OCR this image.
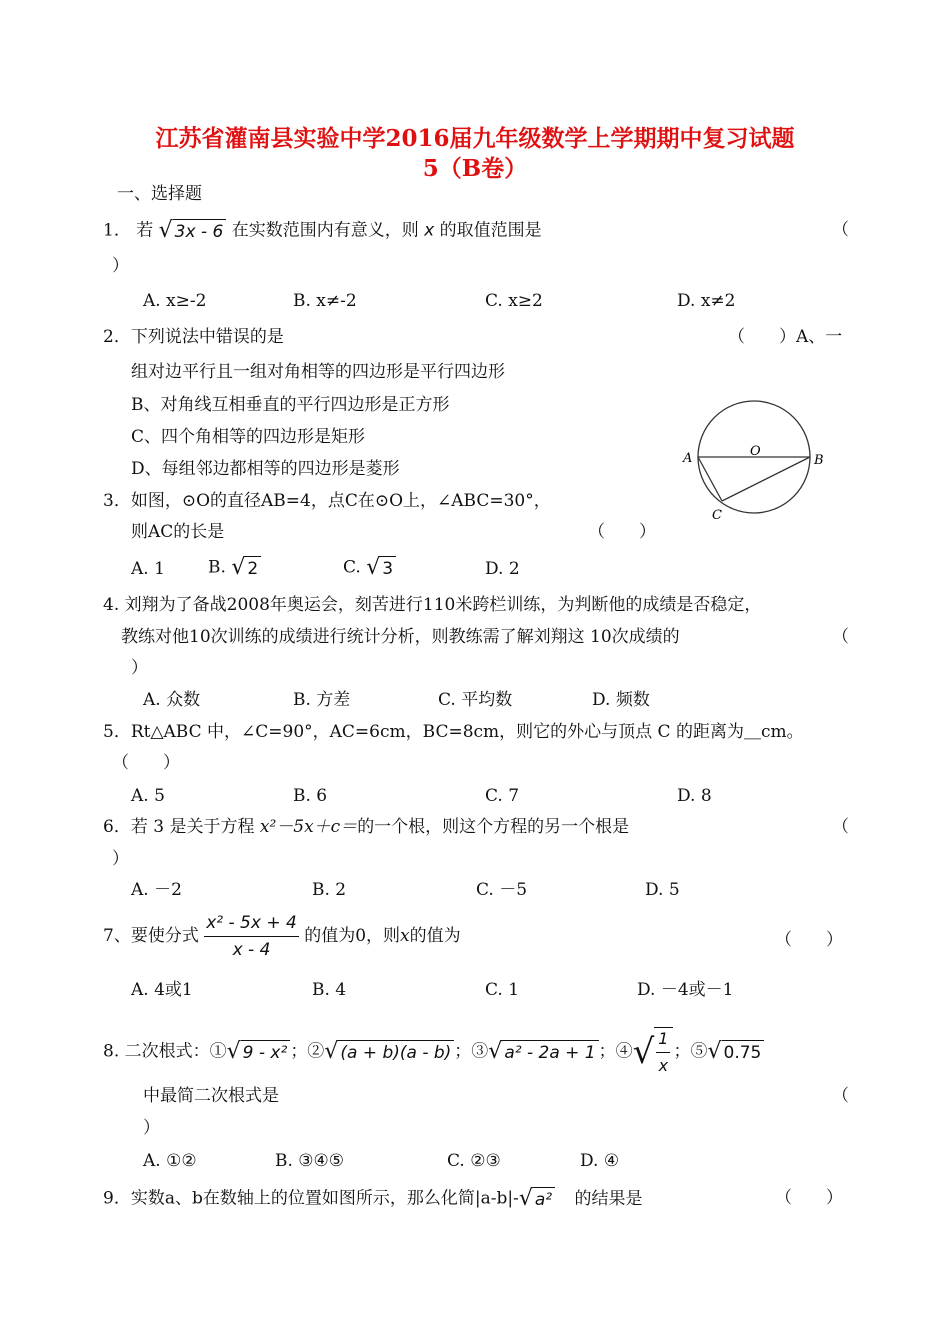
江苏省灌南县实验中学2016届九年级数学上学期期中复习试题
5（B卷）
一、选择题
1． 若 √ 3x - 6 在实数范围内有意义，则 x 的取值范围是	（
）
A. x≥-2	B. x≠-2	C. x≥2	D. x≠2
2．下列说法中错误的是	（　　）A、一
组对边平行且一组对角相等的四边形是平行四边形
B、对角线互相垂直的平行四边形是正方形
C、四个角相等的四边形是矩形
D、每组邻边都相等的四边形是菱形
A	B
C
O
3．如图，⊙O的直径AB=4，点C在⊙O上，∠ABC=30°，
则AC的长是	（　　）
A. 1	B. √ 2	C. √ 3	D. 2
4. 刘翔为了备战2008年奥运会，刻苦进行110米跨栏训练，为判断他的成绩是否稳定，
教练对他10次训练的成绩进行统计分析，则教练需了解刘翔这 10次成绩的	（
）
A. 众数	B. 方差	C. 平均数	D. 频数
5．Rt△ABC 中，∠C=90°，AC=6cm，BC=8cm，则它的外心与顶点 C 的距离为＿cm。
（　　）
A. 5	B. 6	C. 7	D. 8
6．若 3 是关于方程 x²－5x＋c＝的一个根，则这个方程的另一个根是	（
）
A. －2	B. 2	C. －5	D. 5
7、要使分式 $\frac{\text{x² - 5x + 4}}{x - 4}$ 的值为0，则x的值为	（　　）
A. 4或1	B. 4	C. 1	D. －4或－1
8. 二次根式：①√ 9 - x² ；②√ (a + b)(a - b) ；③√ a² - 2a + 1 ；④√ $\frac{1}{x}$ ；⑤√ 0.75
中最简二次根式是	（
）
A. ①②	B. ③④⑤	C. ②③	D. ④
9．实数a、b在数轴上的位置如图所示，那么化简|a-b|-√ a² 的结果是	（　　）
